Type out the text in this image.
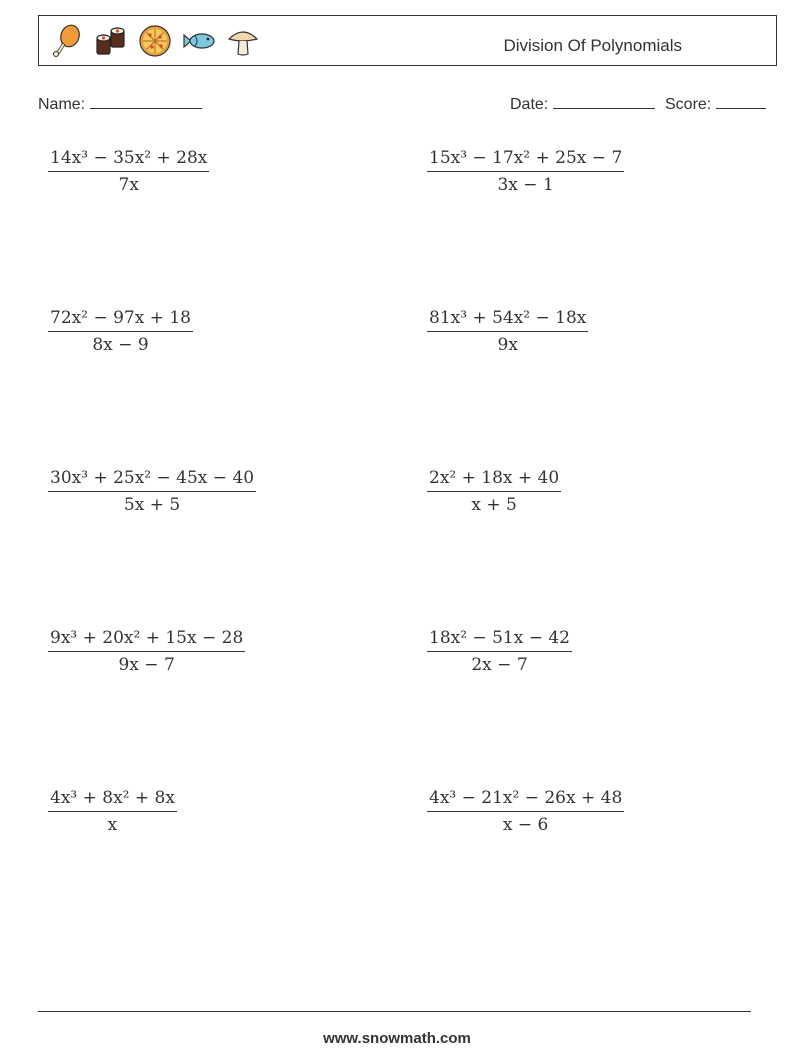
Division Of Polynomials
Name:	Date:	Score:
$\frac{\text{14x³ − 35x² + 28x}}{7x}$	$\frac{\text{15x³ − 17x² + 25x − 7}}{3x - 1}$
$\frac{\text{72x² − 97x + 18}}{8x - 9}$	$\frac{\text{81x³ + 54x² − 18x}}{9x}$
$\frac{\text{30x³ + 25x² − 45x − 40}}{5x + 5}$	$\frac{\text{2x² + 18x + 40}}{x + 5}$
$\frac{\text{9x³ + 20x² + 15x − 28}}{9x - 7}$	$\frac{\text{18x² − 51x − 42}}{2x - 7}$
$\frac{\text{4x³ + 8x² + 8x}}{x}$	$\frac{\text{4x³ − 21x² − 26x + 48}}{x - 6}$
www.snowmath.com
